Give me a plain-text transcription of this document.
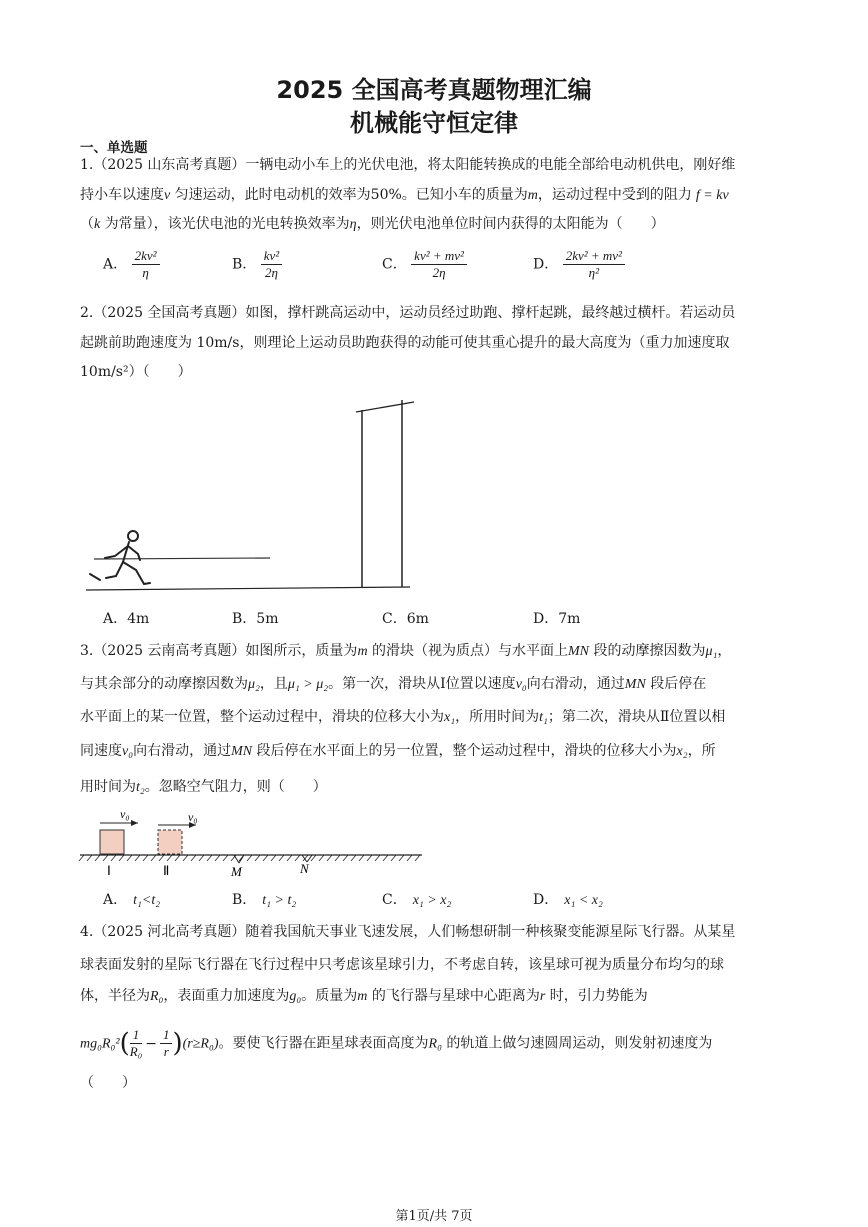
2025 全国高考真题物理汇编
机械能守恒定律
一、单选题
1.（2025 山东高考真题）一辆电动小车上的光伏电池，将太阳能转换成的电能全部给电动机供电，刚好维
持小车以速度v 匀速运动，此时电动机的效率为50%。已知小车的质量为m，运动过程中受到的阻力 f = kv
（k 为常量），该光伏电池的光电转换效率为η，则光伏电池单位时间内获得的太阳能为（　　）
A． $\frac{\text{2kv²}}{\eta}$	B． $\frac{\text{kv²}}{2\eta}$	C． $\frac{\text{kv² + mv²}}{2\eta}$	D． $\frac{\text{2kv² + mv²}}{\text{η²}}$
2.（2025 全国高考真题）如图，撑杆跳高运动中，运动员经过助跑、撑杆起跳，最终越过横杆。若运动员
起跳前助跑速度为 10m/s，则理论上运动员助跑获得的动能可使其重心提升的最大高度为（重力加速度取
10m/s²）（　　）
A．4m	B．5m	C．6m	D．7m
3.（2025 云南高考真题）如图所示，质量为m 的滑块（视为质点）与水平面上MN 段的动摩擦因数为μ₁，
与其余部分的动摩擦因数为μ₂，且μ₁ > μ₂。第一次，滑块从Ⅰ位置以速度v₀向右滑动，通过MN 段后停在
水平面上的某一位置，整个运动过程中，滑块的位移大小为x₁，所用时间为t₁；第二次，滑块从Ⅱ位置以相
同速度v₀向右滑动，通过MN 段后停在水平面上的另一位置，整个运动过程中，滑块的位移大小为x₂，所
用时间为t₂。忽略空气阻力，则（　　）
v₀	v₀
Ⅰ	Ⅱ	M	N
A． t₁<t₂	B． t₁ > t₂	C． x₁ > x₂	D． x₁ < x₂
4.（2025 河北高考真题）随着我国航天事业飞速发展，人们畅想研制一种核聚变能源星际飞行器。从某星
球表面发射的星际飞行器在飞行过程中只考虑该星球引力，不考虑自转，该星球可视为质量分布均匀的球
体，半径为R₀，表面重力加速度为g₀。质量为m 的飞行器与星球中心距离为r 时，引力势能为
$mg_0R_0^2( \frac{1}{\text{R₀}} - \frac{1}{r} )(r\ge R_0)$。要使飞行器在距星球表面高度为R₀ 的轨道上做匀速圆周运动，则发射初速度为
（　　）
第1页/共 7页
